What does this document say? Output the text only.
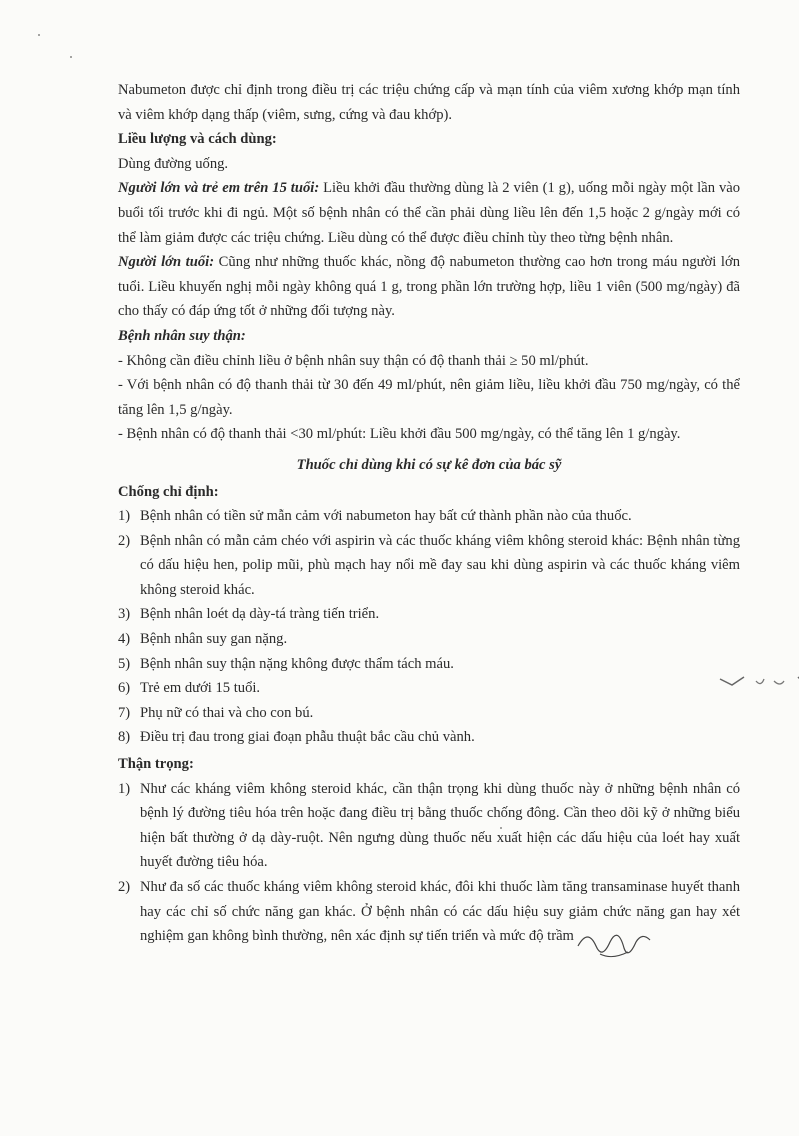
Nabumeton được chỉ định trong điều trị các triệu chứng cấp và mạn tính của viêm xương khớp mạn tính và viêm khớp dạng thấp (viêm, sưng, cứng và đau khớp).

Liều lượng và cách dùng:

Dùng đường uống.

Người lớn và trẻ em trên 15 tuổi: Liều khởi đầu thường dùng là 2 viên (1 g), uống mỗi ngày một lần vào buổi tối trước khi đi ngủ. Một số bệnh nhân có thể cần phải dùng liều lên đến 1,5 hoặc 2 g/ngày mới có thể làm giảm được các triệu chứng. Liều dùng có thể được điều chỉnh tùy theo từng bệnh nhân.

Người lớn tuổi: Cũng như những thuốc khác, nồng độ nabumeton thường cao hơn trong máu người lớn tuổi. Liều khuyến nghị mỗi ngày không quá 1 g, trong phần lớn trường hợp, liều 1 viên (500 mg/ngày) đã cho thấy có đáp ứng tốt ở những đối tượng này.

Bệnh nhân suy thận:

- Không cần điều chỉnh liều ở bệnh nhân suy thận có độ thanh thải ≥ 50 ml/phút.

- Với bệnh nhân có độ thanh thải từ 30 đến 49 ml/phút, nên giảm liều, liều khởi đầu 750 mg/ngày, có thể tăng lên 1,5 g/ngày.

- Bệnh nhân có độ thanh thải <30 ml/phút: Liều khởi đầu 500 mg/ngày, có thể tăng lên 1 g/ngày.

Thuốc chỉ dùng khi có sự kê đơn của bác sỹ

Chống chỉ định:

1) Bệnh nhân có tiền sử mẫn cảm với nabumeton hay bất cứ thành phần nào của thuốc.
2) Bệnh nhân có mẫn cảm chéo với aspirin và các thuốc kháng viêm không steroid khác: Bệnh nhân từng có dấu hiệu hen, polip mũi, phù mạch hay nổi mề đay sau khi dùng aspirin và các thuốc kháng viêm không steroid khác.
3) Bệnh nhân loét dạ dày-tá tràng tiến triển.
4) Bệnh nhân suy gan nặng.
5) Bệnh nhân suy thận nặng không được thẩm tách máu.
6) Trẻ em dưới 15 tuổi.
7) Phụ nữ có thai và cho con bú.
8) Điều trị đau trong giai đoạn phẫu thuật bắc cầu chủ vành.

Thận trọng:

1) Như các kháng viêm không steroid khác, cần thận trọng khi dùng thuốc này ở những bệnh nhân có bệnh lý đường tiêu hóa trên hoặc đang điều trị bằng thuốc chống đông. Cần theo dõi kỹ ở những biểu hiện bất thường ở dạ dày-ruột. Nên ngưng dùng thuốc nếu xuất hiện các dấu hiệu của loét hay xuất huyết đường tiêu hóa.
2) Như đa số các thuốc kháng viêm không steroid khác, đôi khi thuốc làm tăng transaminase huyết thanh hay các chỉ số chức năng gan khác. Ở bệnh nhân có các dấu hiệu suy giảm chức năng gan hay xét nghiệm gan không bình thường, nên xác định sự tiến triển và mức độ trầm
